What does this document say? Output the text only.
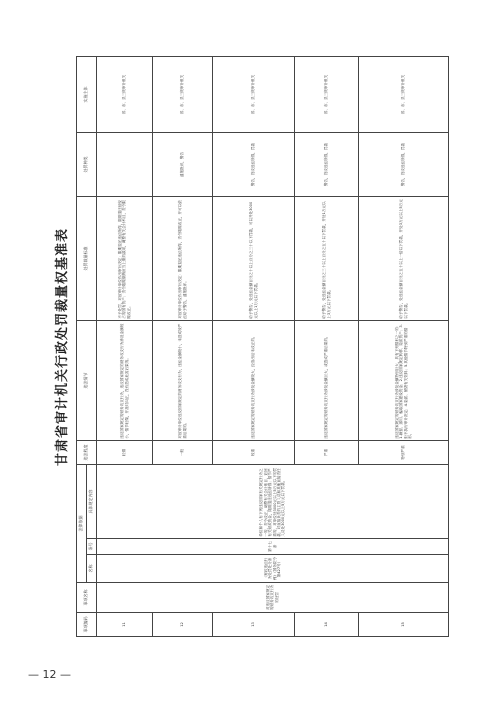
甘肃省审计机关行政处罚裁量权基准表
事项编码	事项名称	法律依据			违法程度	违法情节	处罚裁量标准	处罚种类	实施主体
		名称	条号	具体规定内容					
11	对违反国家规定的财务收支行为的处罚	《财政违法行为处罚处分条例》（国务院令第427号）	第十七条	单位和个人有下列违反国家有关规定行为之一的，责令改正，调整有关会计账目，追回有关财政资金，限期退还违法所得；情节严重的，对单位处3000元以上5万元以下的罚款；对直接负责的主管人员和其他直接责任人员处3000元以上5万元以下罚款。	轻微	违反国家规定的财务收支行为，违反国家规定的财务收支行为涉及金额较小，情节轻微，并及时纠正，没有造成危害后果的。	不予处罚，对被审计单位作出审计决定：限期退还违法所得，限期退还被侵占的国有资产；责令限期缴纳应当上缴的款项，调整有关会计科目，责令限期改正。		省、市、县三级审计机关
12					一般	对被审计单位违反国家规定的财务收支行为，违法金额较小，未造成较严重后果的。	对被审计单位作出审计决定：限期退还违法所得，责令限期改正，并可以依法给予警告，通报批评。	通报批评，警告	省、市、县三级审计机关
13					较重	违反国家规定的财务收支行为涉及金额较大，经指出后未改正的。	给予警告，处违法金额百分之十以上百分之三十以下罚款，可以并处3000元以上1万元以下罚款。	警告，没收违法所得，罚款	省、市、县三级审计机关
14					严重	违反国家规定的财务收支行为涉及金额巨大，或造成严重后果的。	给予警告，处违法金额百分之三十以上百分之五十以下罚款，并处1万元以上3万元以下罚款。	警告，没收违法所得，罚款	省、市、县三级审计机关
15					特别严重	违反国家规定的财务收支行为涉及金额特别巨大，具有下列情形之一的：1.截留、挪用、骗取国家建设资金；2.违反国家规定转移、隐匿资产；3.拒不执行审计决定；4.隐匿、销毁有关资料；5.其他情节特别严重的情形。	给予警告，处违法金额百分之五十以上一倍以下罚款，并处3万元以上5万元以下罚款。	警告，没收违法所得，罚款	省、市、县三级审计机关
— 12 —
